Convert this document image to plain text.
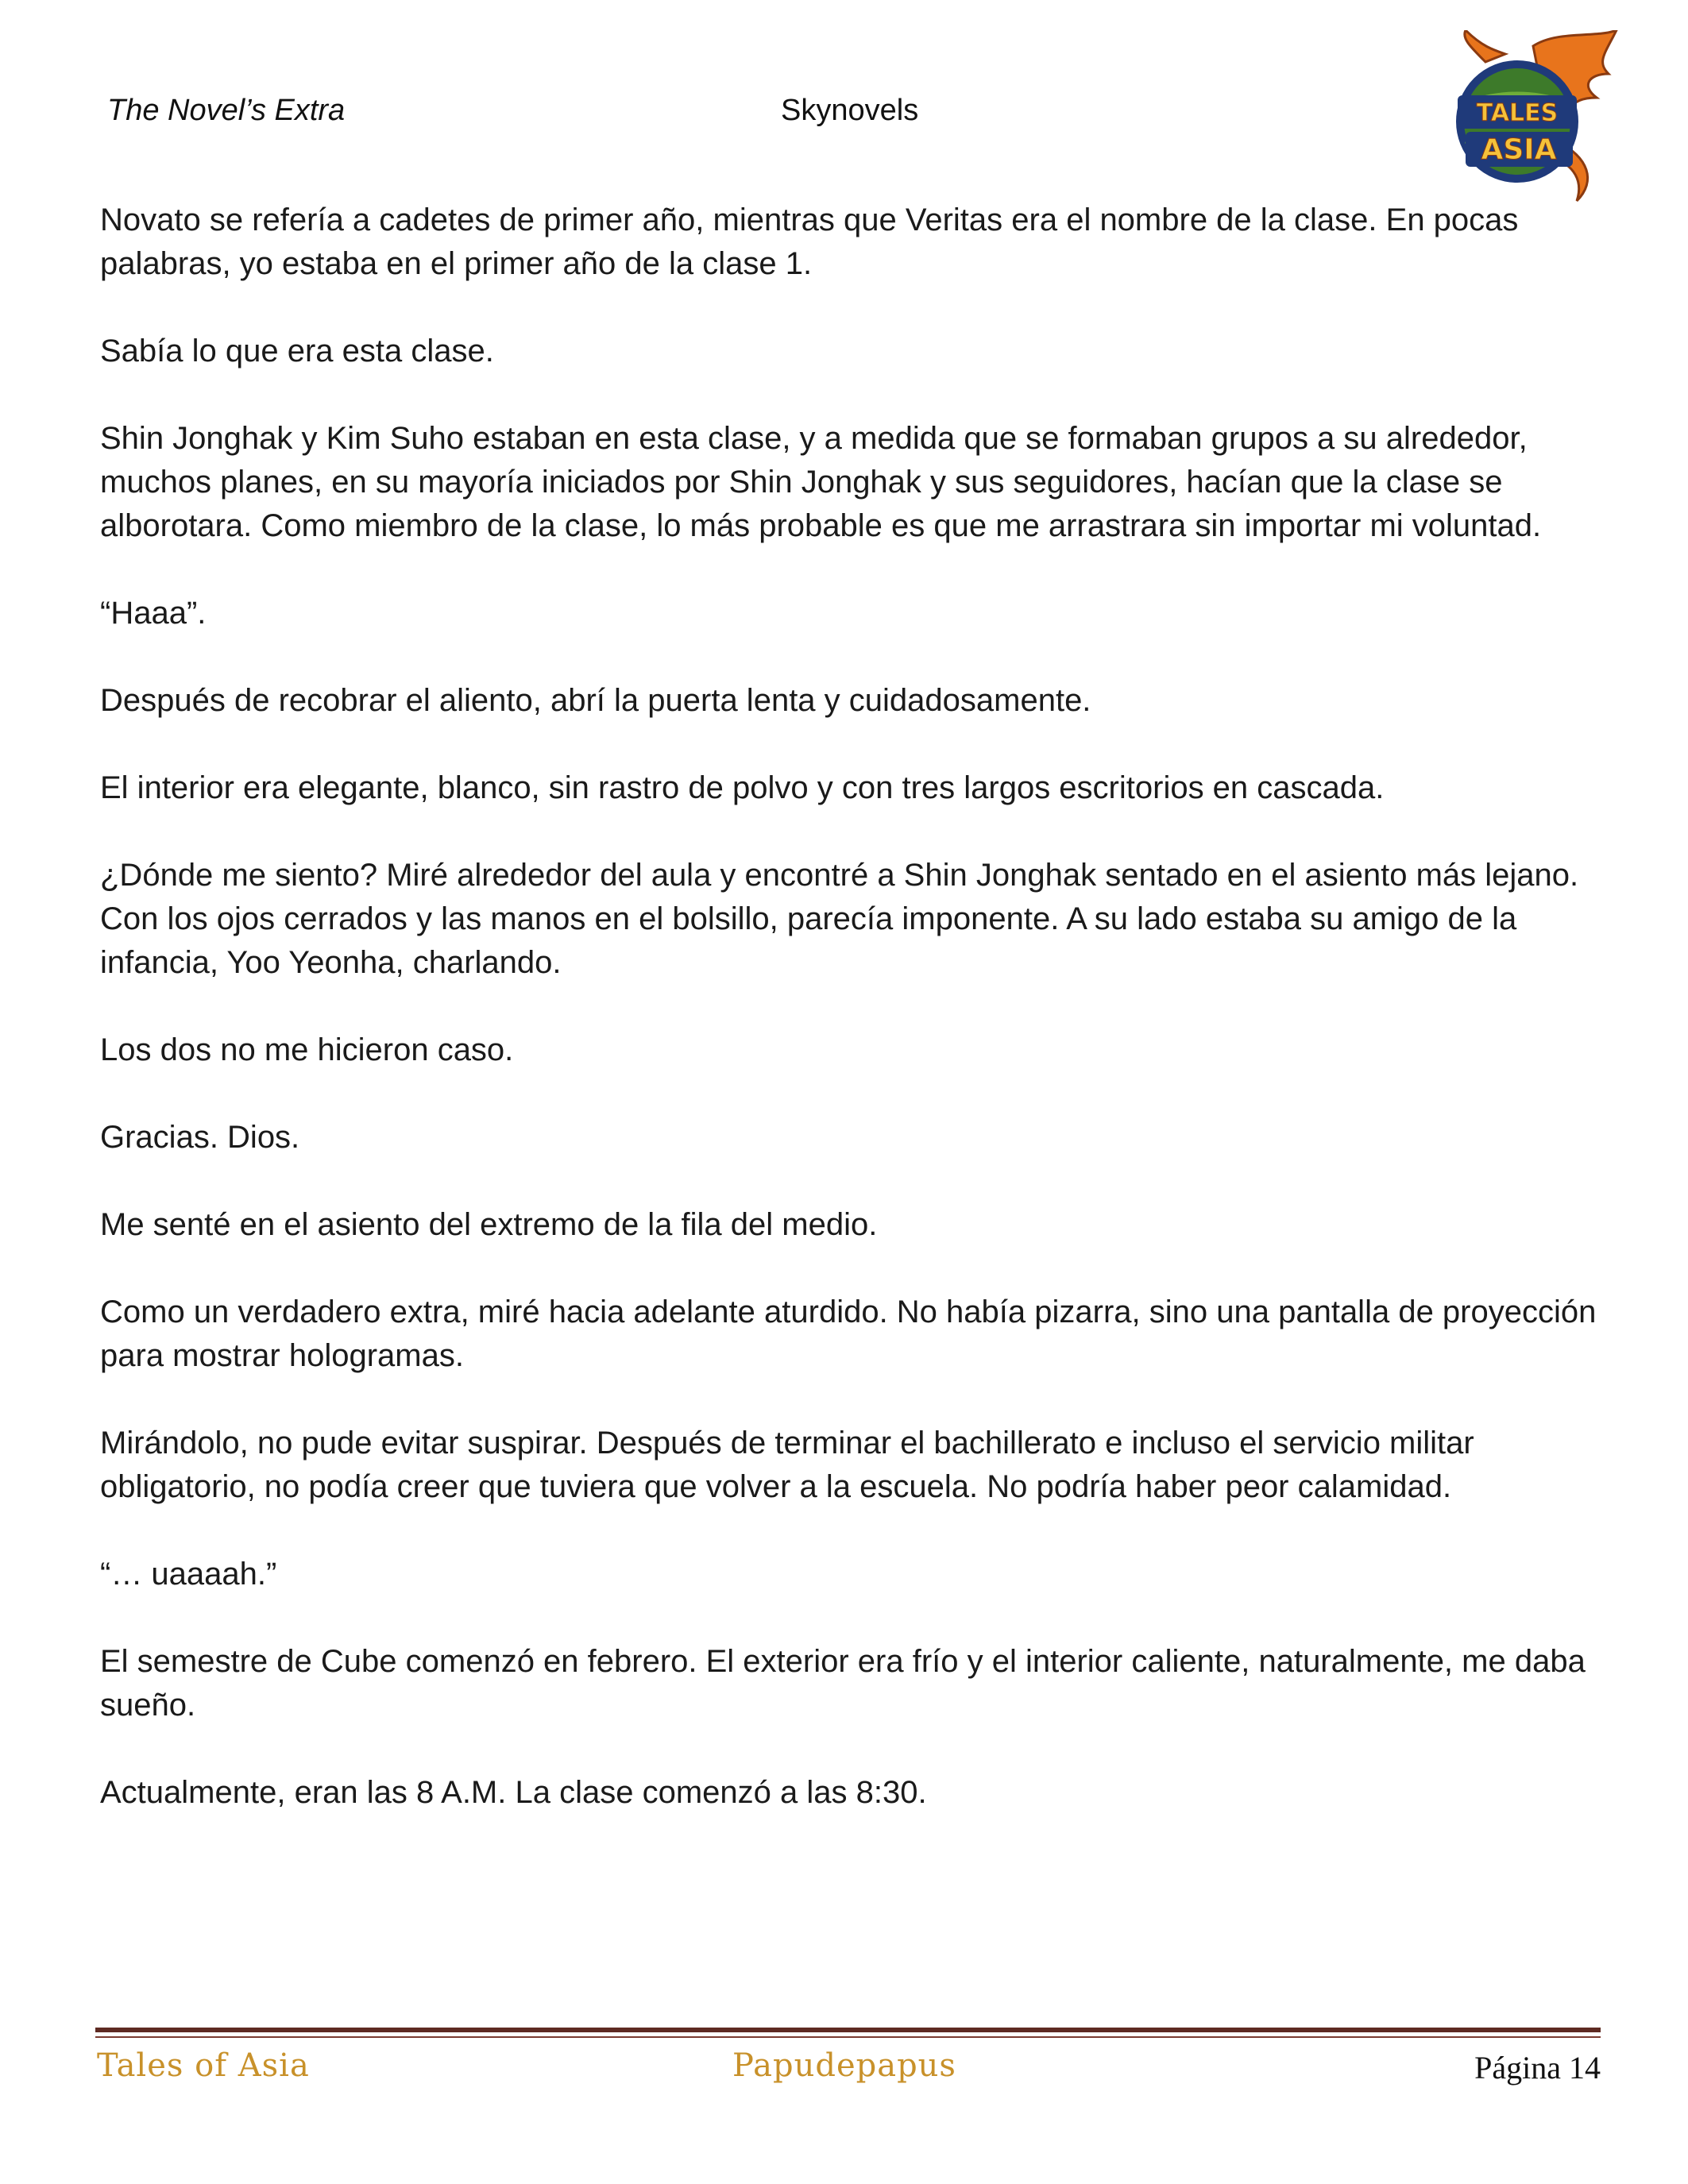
The Novel’s Extra	Skynovels	TALES
ASIA

Novato se refería a cadetes de primer año, mientras que Veritas era el nombre de la clase. En pocas palabras, yo estaba en el primer año de la clase 1.

Sabía lo que era esta clase.

Shin Jonghak y Kim Suho estaban en esta clase, y a medida que se formaban grupos a su alrededor, muchos planes, en su mayoría iniciados por Shin Jonghak y sus seguidores, hacían que la clase se alborotara. Como miembro de la clase, lo más probable es que me arrastrara sin importar mi voluntad.

“Haaa”.

Después de recobrar el aliento, abrí la puerta lenta y cuidadosamente.

El interior era elegante, blanco, sin rastro de polvo y con tres largos escritorios en cascada.

¿Dónde me siento? Miré alrededor del aula y encontré a Shin Jonghak sentado en el asiento más lejano. Con los ojos cerrados y las manos en el bolsillo, parecía imponente. A su lado estaba su amigo de la infancia, Yoo Yeonha, charlando.

Los dos no me hicieron caso.

Gracias. Dios.

Me senté en el asiento del extremo de la fila del medio.

Como un verdadero extra, miré hacia adelante aturdido. No había pizarra, sino una pantalla de proyección para mostrar hologramas.

Mirándolo, no pude evitar suspirar. Después de terminar el bachillerato e incluso el servicio militar obligatorio, no podía creer que tuviera que volver a la escuela. No podría haber peor calamidad.

“… uaaaah.”

El semestre de Cube comenzó en febrero. El exterior era frío y el interior caliente, naturalmente, me daba sueño.

Actualmente, eran las 8 A.M. La clase comenzó a las 8:30.

Tales of Asia	Papudepapus	Página 14
